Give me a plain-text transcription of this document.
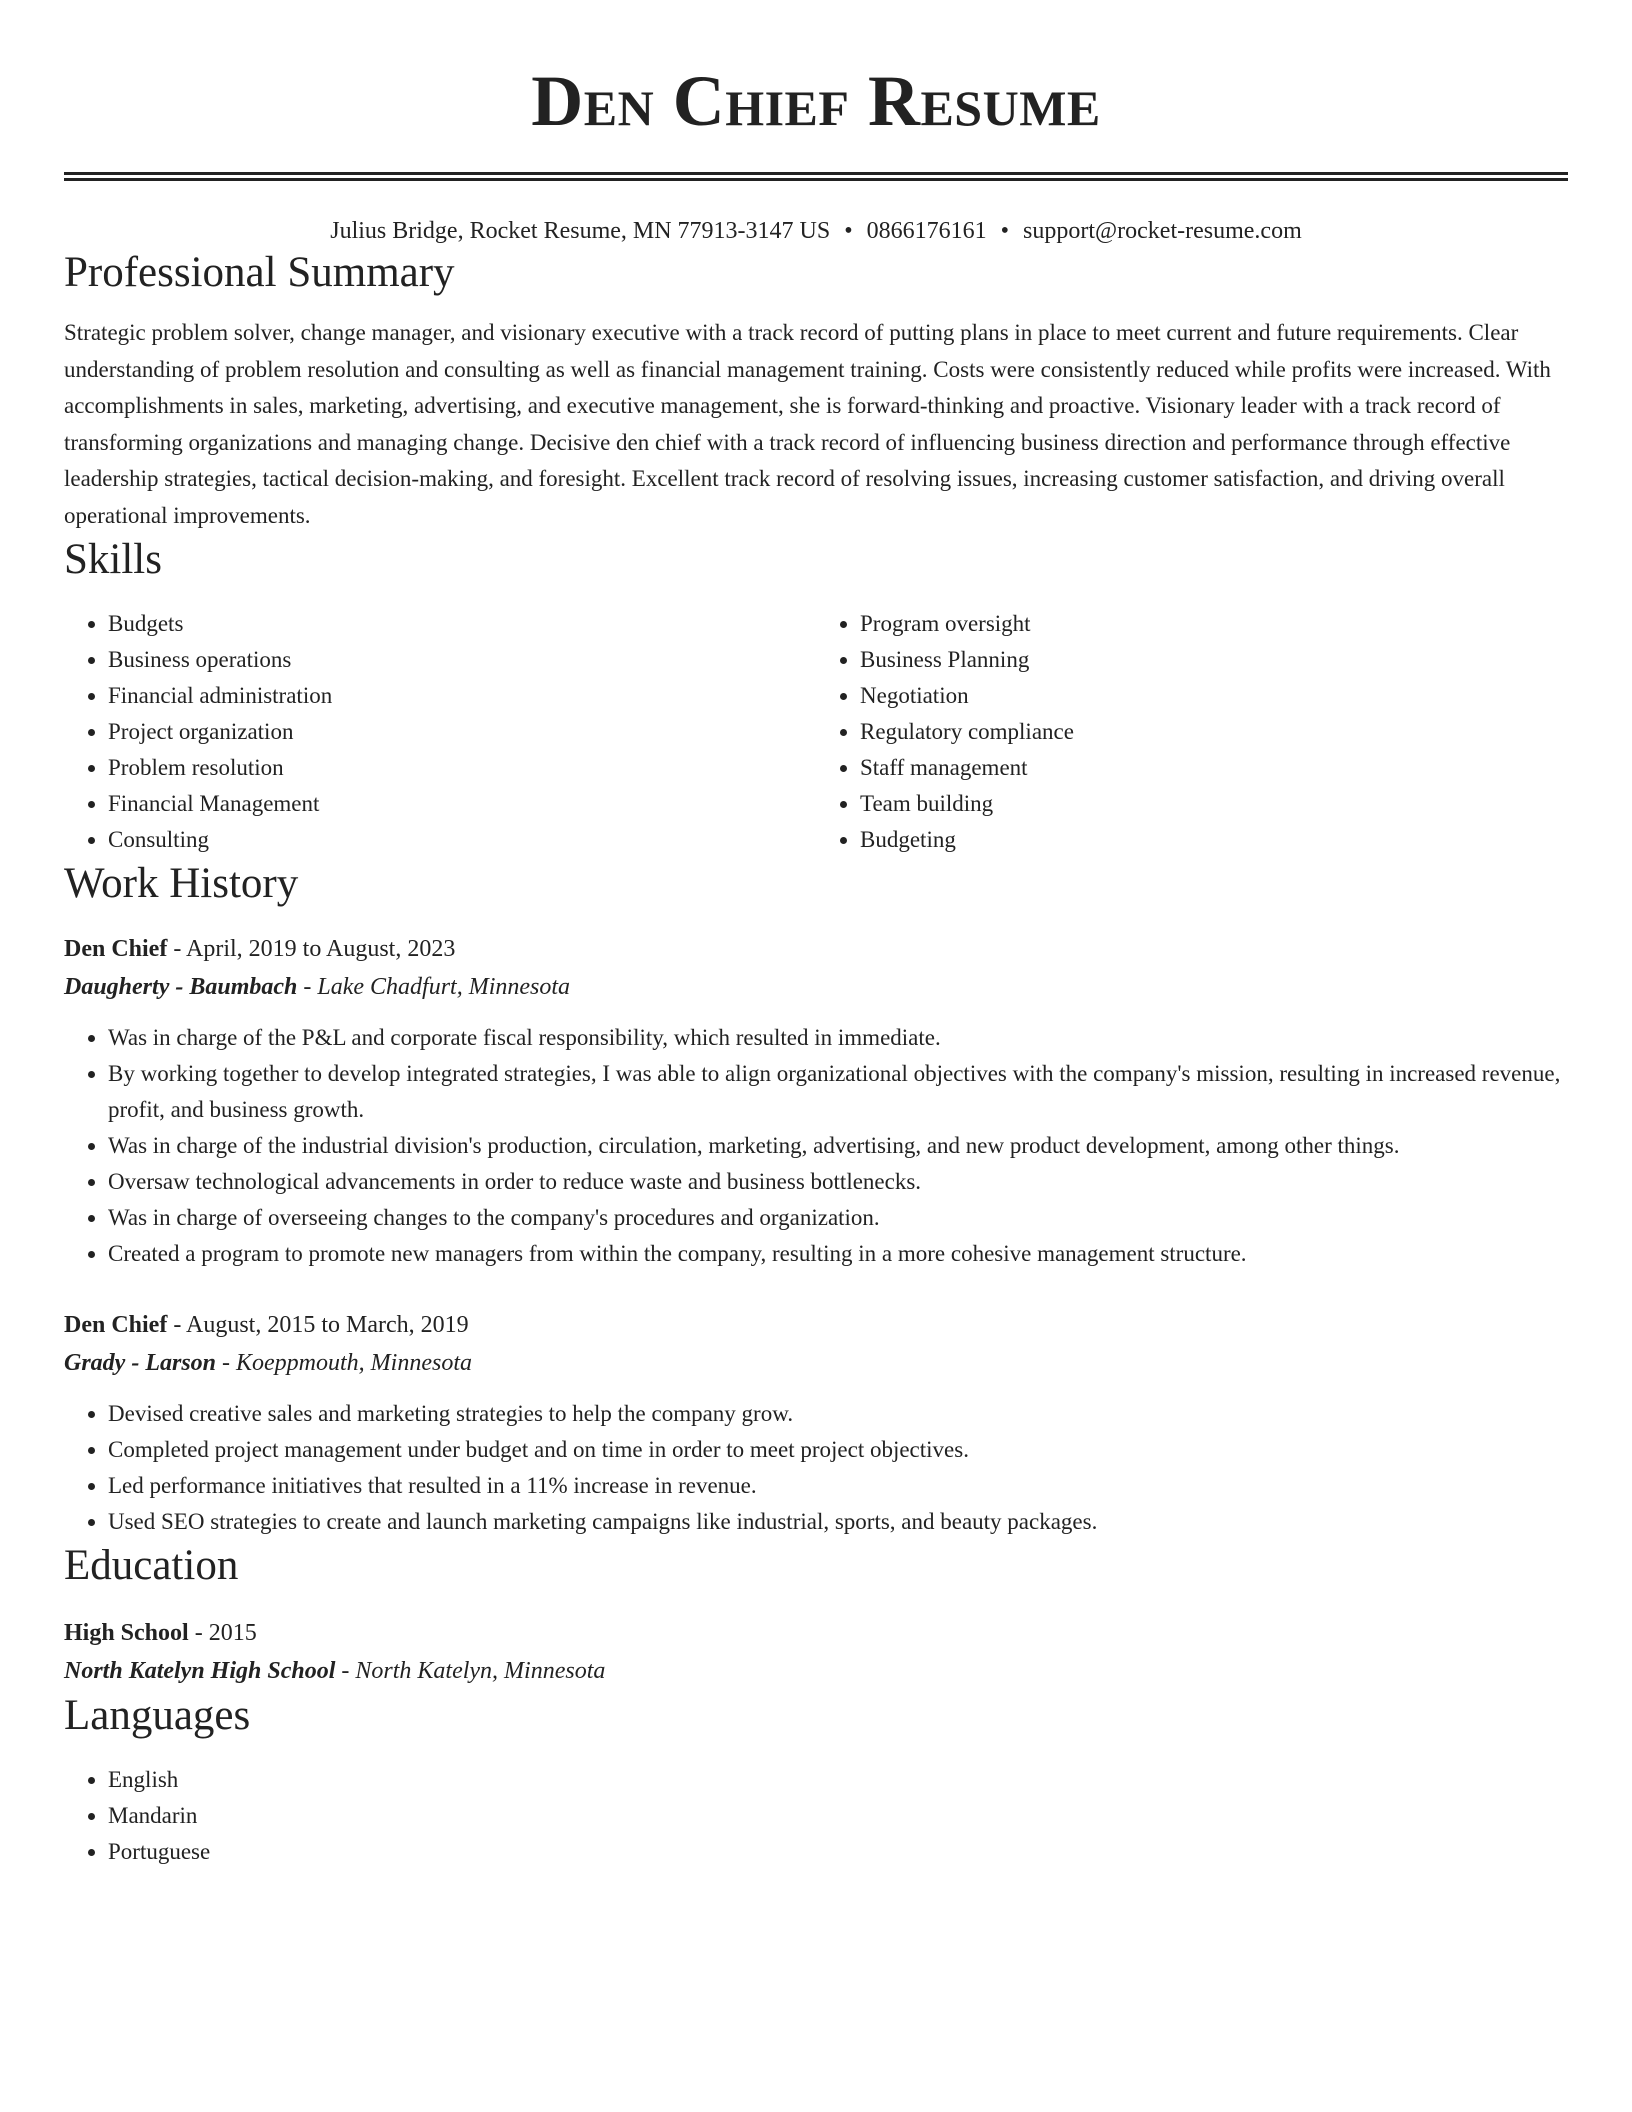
Den Chief Resume
Julius Bridge, Rocket Resume, MN 77913-3147 US • 0866176161 • support@rocket-resume.com
Professional Summary

Strategic problem solver, change manager, and visionary executive with a track record of putting plans in place to meet current and future requirements. Clear understanding of problem resolution and consulting as well as financial management training. Costs were consistently reduced while profits were increased. With accomplishments in sales, marketing, advertising, and executive management, she is forward-thinking and proactive. Visionary leader with a track record of transforming organizations and managing change. Decisive den chief with a track record of influencing business direction and performance through effective leadership strategies, tactical decision-making, and foresight. Excellent track record of resolving issues, increasing customer satisfaction, and driving overall operational improvements.

Skills
• Budgets
• Business operations
• Financial administration
• Project organization
• Problem resolution
• Financial Management
• Consulting
• Program oversight
• Business Planning
• Negotiation
• Regulatory compliance
• Staff management
• Team building
• Budgeting
Work History
Den Chief - April, 2019 to August, 2023
Daugherty - Baumbach - Lake Chadfurt, Minnesota
• Was in charge of the P&L and corporate fiscal responsibility, which resulted in immediate.
• By working together to develop integrated strategies, I was able to align organizational objectives with the company's mission, resulting in increased revenue, profit, and business growth.
• Was in charge of the industrial division's production, circulation, marketing, advertising, and new product development, among other things.
• Oversaw technological advancements in order to reduce waste and business bottlenecks.
• Was in charge of overseeing changes to the company's procedures and organization.
• Created a program to promote new managers from within the company, resulting in a more cohesive management structure.
Den Chief - August, 2015 to March, 2019
Grady - Larson - Koeppmouth, Minnesota
• Devised creative sales and marketing strategies to help the company grow.
• Completed project management under budget and on time in order to meet project objectives.
• Led performance initiatives that resulted in a 11% increase in revenue.
• Used SEO strategies to create and launch marketing campaigns like industrial, sports, and beauty packages.
Education
High School - 2015
North Katelyn High School - North Katelyn, Minnesota
Languages
• English
• Mandarin
• Portuguese
